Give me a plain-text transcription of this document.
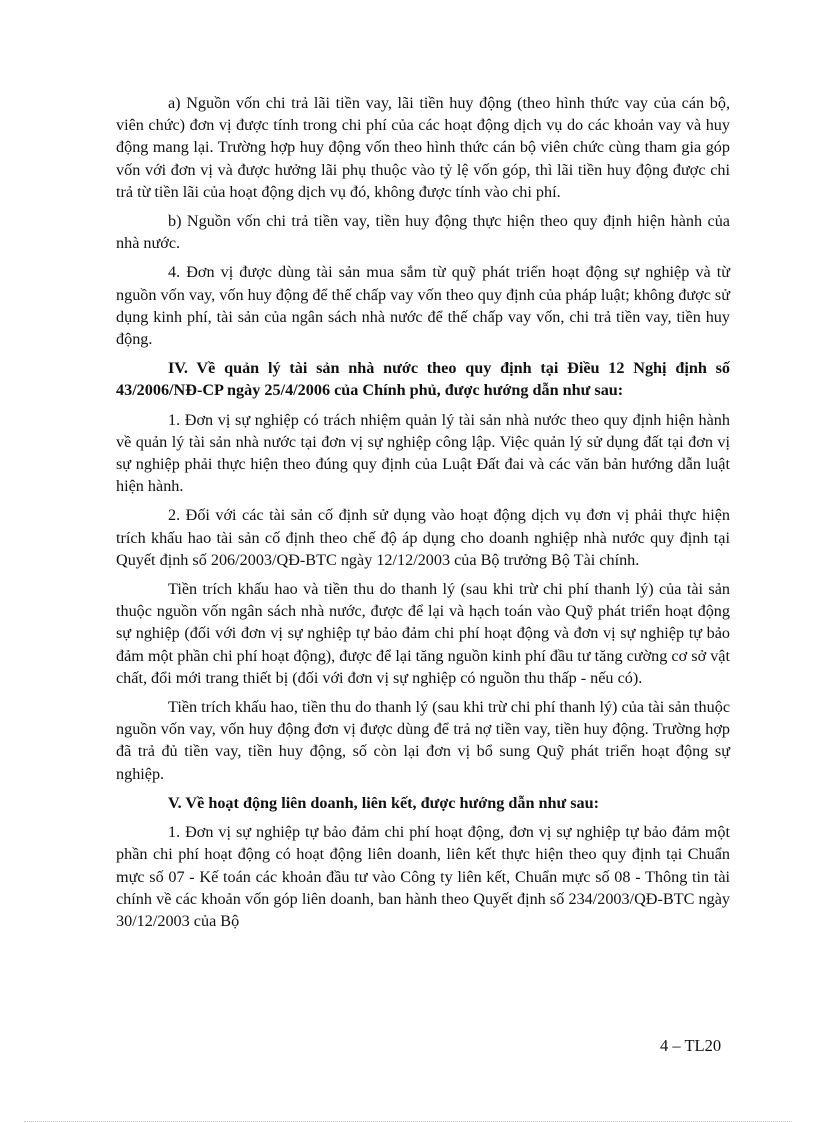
a) Nguồn vốn chi trả lãi tiền vay, lãi tiền huy động (theo hình thức vay của cán bộ, viên chức) đơn vị được tính trong chi phí của các hoạt động dịch vụ do các khoản vay và huy động mang lại. Trường hợp huy động vốn theo hình thức cán bộ viên chức cùng tham gia góp vốn với đơn vị và được hưởng lãi phụ thuộc vào tỷ lệ vốn góp, thì lãi tiền huy động được chi trả từ tiền lãi của hoạt động dịch vụ đó, không được tính vào chi phí.

b) Nguồn vốn chi trả tiền vay, tiền huy động thực hiện theo quy định hiện hành của nhà nước.

4. Đơn vị được dùng tài sản mua sắm từ quỹ phát triển hoạt động sự nghiệp và từ nguồn vốn vay, vốn huy động để thế chấp vay vốn theo quy định của pháp luật; không được sử dụng kinh phí, tài sản của ngân sách nhà nước để thế chấp vay vốn, chi trả tiền vay, tiền huy động.

IV. Về quản lý tài sản nhà nước theo quy định tại Điều 12 Nghị định số 43/2006/NĐ-CP ngày 25/4/2006 của Chính phủ, được hướng dẫn như sau:

1. Đơn vị sự nghiệp có trách nhiệm quản lý tài sản nhà nước theo quy định hiện hành về quản lý tài sản nhà nước tại đơn vị sự nghiệp công lập. Việc quản lý sử dụng đất tại đơn vị sự nghiệp phải thực hiện theo đúng quy định của Luật Đất đai và các văn bản hướng dẫn luật hiện hành.

2. Đối với các tài sản cố định sử dụng vào hoạt động dịch vụ đơn vị phải thực hiện trích khấu hao tài sản cố định theo chế độ áp dụng cho doanh nghiệp nhà nước quy định tại Quyết định số 206/2003/QĐ-BTC ngày 12/12/2003 của Bộ trưởng Bộ Tài chính.

Tiền trích khấu hao và tiền thu do thanh lý (sau khi trừ chi phí thanh lý) của tài sản thuộc nguồn vốn ngân sách nhà nước, được để lại và hạch toán vào Quỹ phát triển hoạt động sự nghiệp (đối với đơn vị sự nghiệp tự bảo đảm chi phí hoạt động và đơn vị sự nghiệp tự bảo đảm một phần chi phí hoạt động), được để lại tăng nguồn kinh phí đầu tư tăng cường cơ sở vật chất, đổi mới trang thiết bị (đối với đơn vị sự nghiệp có nguồn thu thấp - nếu có).

Tiền trích khấu hao, tiền thu do thanh lý (sau khi trừ chi phí thanh lý) của tài sản thuộc nguồn vốn vay, vốn huy động đơn vị được dùng để trả nợ tiền vay, tiền huy động. Trường hợp đã trả đủ tiền vay, tiền huy động, số còn lại đơn vị bổ sung Quỹ phát triển hoạt động sự nghiệp.

V. Về hoạt động liên doanh, liên kết, được hướng dẫn như sau:

1. Đơn vị sự nghiệp tự bảo đảm chi phí hoạt động, đơn vị sự nghiệp tự bảo đảm một phần chi phí hoạt động có hoạt động liên doanh, liên kết thực hiện theo quy định tại Chuẩn mực số 07 - Kế toán các khoản đầu tư vào Công ty liên kết, Chuẩn mực số 08 - Thông tin tài chính về các khoản vốn góp liên doanh, ban hành theo Quyết định số 234/2003/QĐ-BTC ngày 30/12/2003 của Bộ

4 – TL20
